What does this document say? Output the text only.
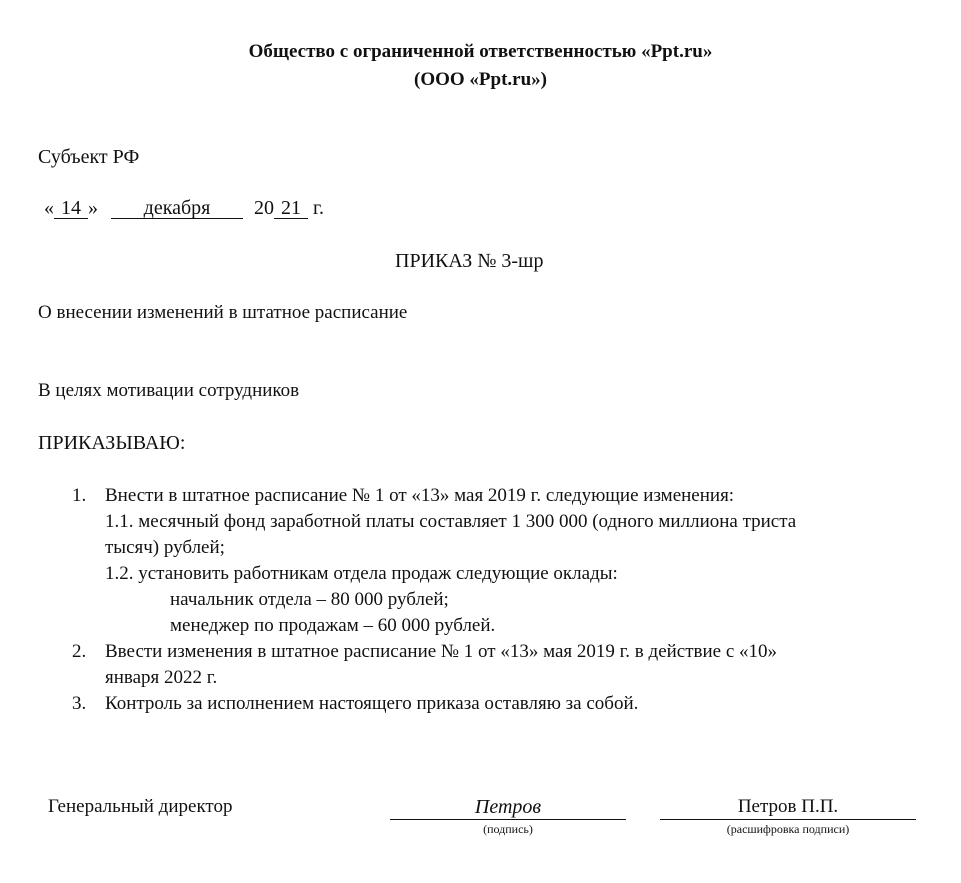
Общество с ограниченной ответственностью «Ppt.ru»
(ООО «Ppt.ru»)
Субъект РФ
« 14 » декабря 20 21 г.
ПРИКАЗ № 3-шр
О внесении изменений в штатное расписание
В целях мотивации сотрудников
ПРИКАЗЫВАЮ:
1. Внести в штатное расписание № 1 от «13» мая 2019 г. следующие изменения:
1.1. месячный фонд заработной платы составляет 1 300 000 (одного миллиона триста
тысяч) рублей;
1.2. установить работникам отдела продаж следующие оклады:
начальник отдела – 80 000 рублей;
менеджер по продажам – 60 000 рублей.
2. Ввести изменения в штатное расписание № 1 от «13» мая 2019 г. в действие с «10»
января 2022 г.
3. Контроль за исполнением настоящего приказа оставляю за собой.
Генеральный директор	Петров
(подпись)
Петров П.П.
(расшифровка подписи)
